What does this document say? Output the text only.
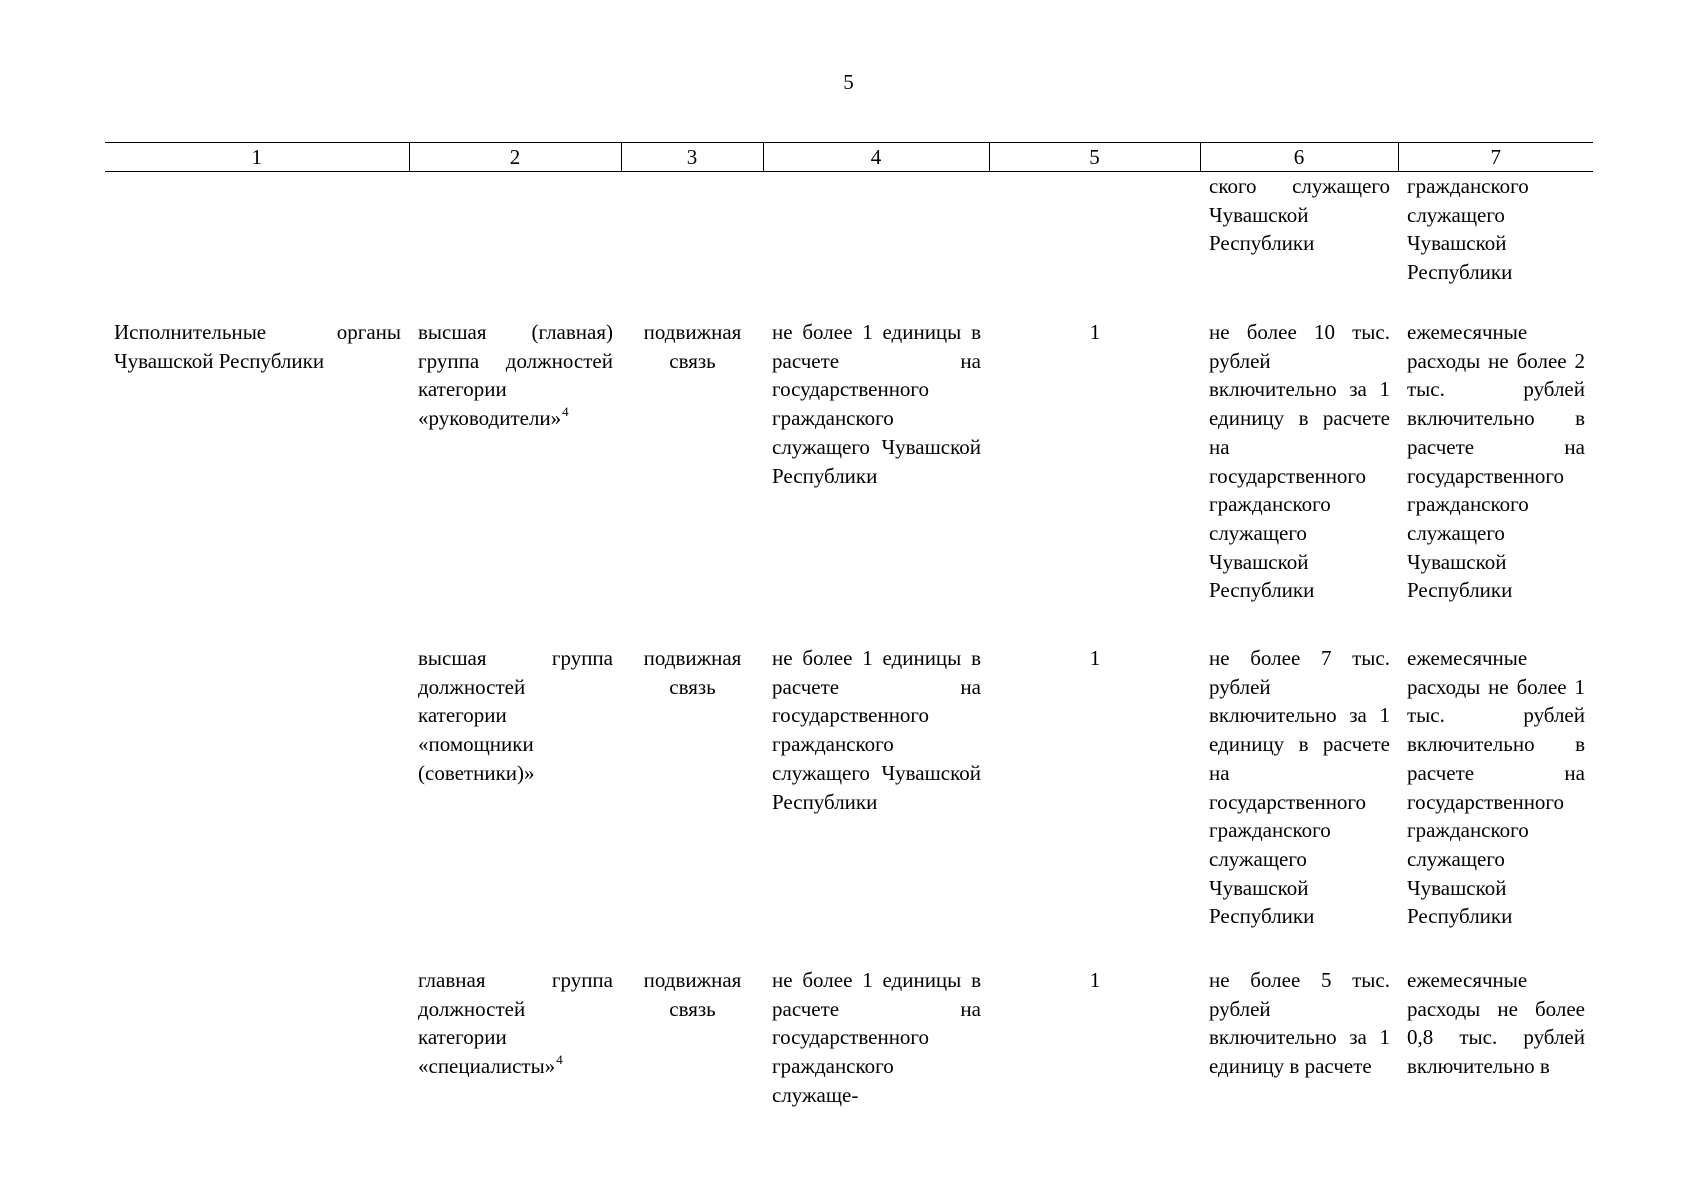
5
1	2	3	4	5	6	7
					ского служащего Чувашской Республики	гражданского служащего Чувашской Республики
Исполнительные органы Чувашской Республики	высшая (главная) группа должностей категории «руководители»$^4$	подвижная связь	не более 1 единицы в расчете на государственного гражданского служащего Чувашской Республики	1	не более 10 тыс. рублей включительно за 1 единицу в расчете на государственного гражданского служащего Чувашской Республики	ежемесячные расходы не более 2 тыс. рублей включительно в расчете на государственного гражданского служащего Чувашской Республики
	высшая группа должностей категории «помощники (советники)»	подвижная связь	не более 1 единицы в расчете на государственного гражданского служащего Чувашской Республики	1	не более 7 тыс. рублей включительно за 1 единицу в расчете на государственного гражданского служащего Чувашской Республики	ежемесячные расходы не более 1 тыс. рублей включительно в расчете на государственного гражданского служащего Чувашской Республики
	главная группа должностей категории «специалисты»$^4$	подвижная связь	не более 1 единицы в расчете на государственного гражданского служаще-	1	не более 5 тыс. рублей включительно за 1 единицу в расчете	ежемесячные расходы не более 0,8 тыс. рублей включительно в
